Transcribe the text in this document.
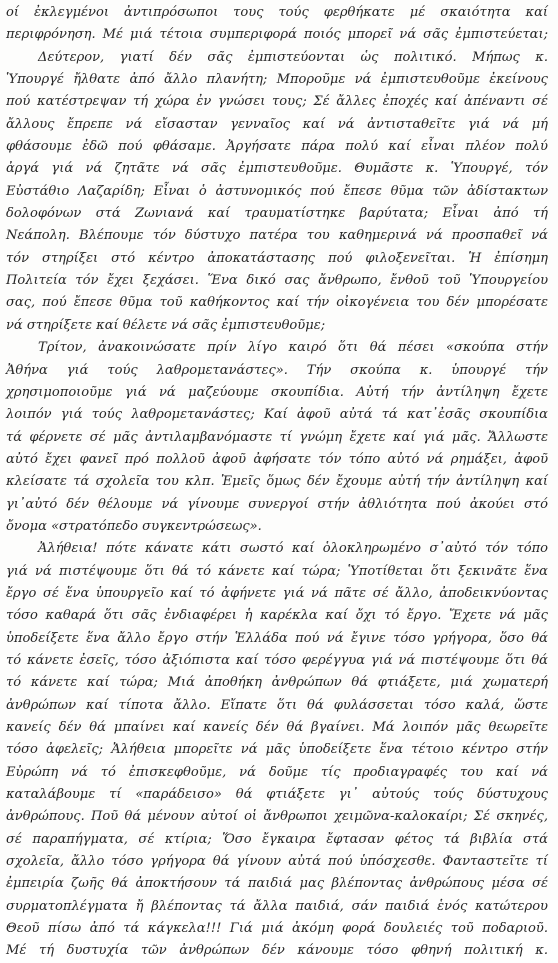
οί ἐκλεγμένοι ἀντιπρόσωποι τους τούς φερθήκατε μέ σκαιότητα καί
περιφρόνηση. Μέ μιά τέτοια συμπεριφορά ποιός μπορεῖ νά σᾶς ἐμπιστεύεται;
Δεύτερον, γιατί δέν σᾶς ἐμπιστεύονται ὡς πολιτικό. Μήπως κ.
Ὑπουργέ ἤλθατε ἀπό ἄλλο πλανήτη; Μποροῦμε νά ἐμπιστευθοῦμε ἐκείνους
πού κατέστρεψαν τή χώρα ἐν γνώσει τους; Σέ ἄλλες ἐποχές καί ἀπέναντι σέ
ἄλλους ἔπρεπε νά εἴσασταν γενναῖος καί νά ἀντισταθεῖτε γιά νά μή
φθάσουμε ἐδῶ πού φθάσαμε. Ἀργήσατε πάρα πολύ καί εἶναι πλέον πολύ
ἀργά γιά νά ζητᾶτε νά σᾶς ἐμπιστευθοῦμε. Θυμᾶστε κ. Ὑπουργέ, τόν
Εὐστάθιο Λαζαρίδη; Εἶναι ὁ ἀστυνομικός πού ἔπεσε θῦμα τῶν ἀδίστακτων
δολοφόνων στά Ζωνιανά καί τραυματίστηκε βαρύτατα; Εἶναι ἀπό τή
Νεάπολη. Βλέπουμε τόν δύστυχο πατέρα του καθημερινά νά προσπαθεῖ νά
τόν στηρίξει στό κέντρο ἀποκατάστασης πού φιλοξενεῖται. Ἡ ἐπίσημη
Πολιτεία τόν ἔχει ξεχάσει. Ἕνα δικό σας ἄνθρωπο, ἔνθοῦ τοῦ Ὑπουργείου
σας, πού ἔπεσε θῦμα τοῦ καθήκοντος καί τήν οἰκογένεια του δέν μπορέσατε
νά στηρίξετε καί θέλετε νά σᾶς ἐμπιστευθοῦμε;
Τρίτον, ἀνακοινώσατε πρίν λίγο καιρό ὅτι θά πέσει «σκούπα στήν
Ἀθήνα γιά τούς λαθρομετανάστες». Τήν σκούπα κ. ὑπουργέ τήν
χρησιμοποιοῦμε γιά νά μαζεύουμε σκουπίδια. Αὐτή τήν ἀντίληψη ἔχετε
λοιπόν γιά τούς λαθρομετανάστες; Καί ἀφοῦ αὐτά τά κατ᾽ἐσᾶς σκουπίδια
τά φέρνετε σέ μᾶς ἀντιλαμβανόμαστε τί γνώμη ἔχετε καί γιά μᾶς. Ἄλλωστε
αὐτό ἔχει φανεῖ πρό πολλοῦ ἀφοῦ ἀφήσατε τόν τόπο αὐτό νά ρημάξει, ἀφοῦ
κλείσατε τά σχολεῖα του κλπ. Ἐμεῖς ὅμως δέν ἔχουμε αὐτή τήν ἀντίληψη καί
γι᾽αὐτό δέν θέλουμε νά γίνουμε συνεργοί στήν ἀθλιότητα πού ἀκούει στό
ὄνομα «στρατόπεδο συγκεντρώσεως».
Ἀλήθεια! πότε κάνατε κάτι σωστό καί ὁλοκληρωμένο σ᾽αὐτό τόν τόπο
γιά νά πιστέψουμε ὅτι θά τό κάνετε καί τώρα; Ὑποτίθεται ὅτι ξεκινᾶτε ἕνα
ἔργο σέ ἕνα ὑπουργεῖο καί τό ἀφήνετε γιά νά πᾶτε σέ ἄλλο, ἀποδεικνύοντας
τόσο καθαρά ὅτι σᾶς ἐνδιαφέρει ἡ καρέκλα καί ὄχι τό ἔργο. Ἔχετε νά μᾶς
ὑποδείξετε ἕνα ἄλλο ἔργο στήν Ἑλλάδα πού νά ἔγινε τόσο γρήγορα, ὅσο θά
τό κάνετε ἐσεῖς, τόσο ἀξιόπιστα καί τόσο φερέγγυα γιά νά πιστέψουμε ὅτι θά
τό κάνετε καί τώρα; Μιά ἀποθήκη ἀνθρώπων θά φτιάξετε, μιά χωματερή
ἀνθρώπων καί τίποτα ἄλλο. Εἴπατε ὅτι θά φυλάσσεται τόσο καλά, ὥστε
κανείς δέν θά μπαίνει καί κανείς δέν θά βγαίνει. Μά λοιπόν μᾶς θεωρεῖτε
τόσο ἀφελεῖς; Ἀλήθεια μπορεῖτε νά μᾶς ὑποδείξετε ἕνα τέτοιο κέντρο στήν
Εὐρώπη νά τό ἐπισκεφθοῦμε, νά δοῦμε τίς προδιαγραφές του καί νά
καταλάβουμε τί «παράδεισο» θά φτιάξετε γι᾽ αὐτούς τούς δύστυχους
ἀνθρώπους. Ποῦ θά μένουν αὐτοί οἱ ἄνθρωποι χειμῶνα-καλοκαίρι; Σέ σκηνές,
σέ παραπήγματα, σέ κτίρια; Ὅσο ἔγκαιρα ἔφτασαν φέτος τά βιβλία στά
σχολεῖα, ἄλλο τόσο γρήγορα θά γίνουν αὐτά πού ὑπόσχεσθε. Φανταστεῖτε τί
ἐμπειρία ζωῆς θά ἀποκτήσουν τά παιδιά μας βλέποντας ἀνθρώπους μέσα σέ
συρματοπλέγματα ἤ βλέποντας τά ἄλλα παιδιά, σάν παιδιά ἑνός κατώτερου
Θεοῦ πίσω ἀπό τά κάγκελα!!! Γιά μιά ἀκόμη φορά δουλειές τοῦ ποδαριοῦ.
Μέ τή δυστυχία τῶν ἀνθρώπων δέν κάνουμε τόσο φθηνή πολιτική κ.
